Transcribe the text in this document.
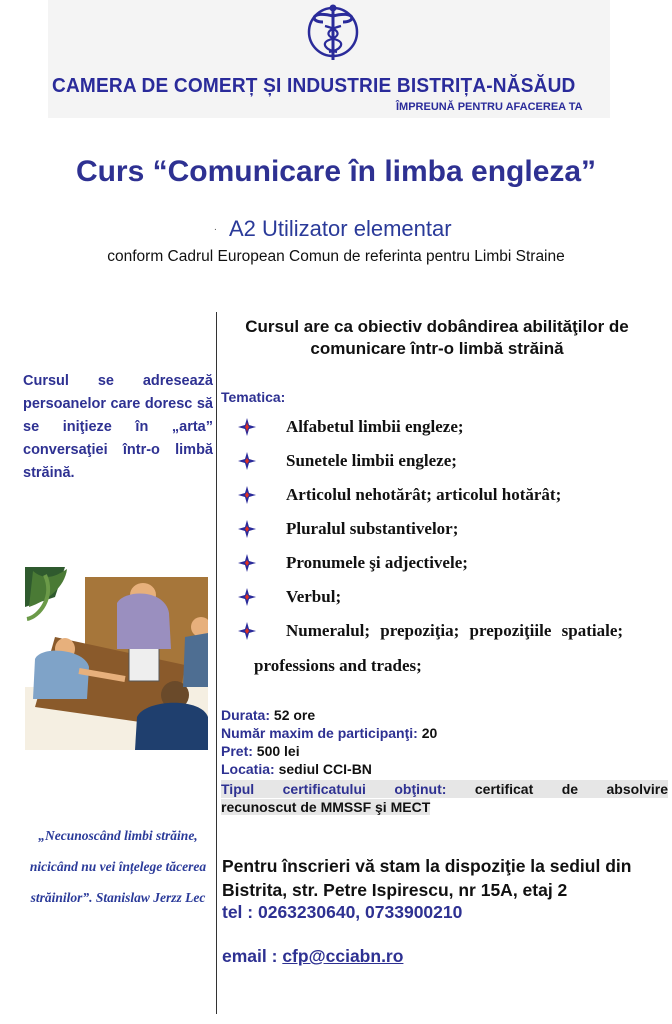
CAMERA DE COMERȚ ȘI INDUSTRIE BISTRIȚA-NĂSĂUD
ÎMPREUNĂ PENTRU AFACEREA TA
Curs “Comunicare în limba engleza”
. A2 Utilizator elementar
conform Cadrul European Comun de referinta pentru Limbi Straine
Cursul se adresează persoanelor care doresc să se iniţieze în „arta” conversaţiei într-o limbă străină.
„Necunoscând limbi străine, nicicând nu vei înțelege tăcerea străinilor”. Stanislaw Jerzz Lec
Cursul are ca obiectiv dobândirea abilităţilor de comunicare într-o limbă străină
Tematica:
Alfabetul limbii engleze;
Sunetele limbii engleze;
Articolul nehotărât; articolul hotărât;
Pluralul substantivelor;
Pronumele şi adjectivele;
Verbul;
Numeralul; prepoziţia; prepoziţiile spatiale;
professions and trades;
Durata: 52 ore
Număr maxim de participanţi: 20
Pret: 500 lei
Locatia: sediul CCI-BN
Tipul certificatului obţinut: certificat de absolvire
recunoscut de MMSSF şi MECT
Pentru înscrieri vă stam la dispoziţie la sediul din Bistrita, str. Petre Ispirescu, nr 15A, etaj 2
tel : 0263230640, 0733900210
email : cfp@cciabn.ro
